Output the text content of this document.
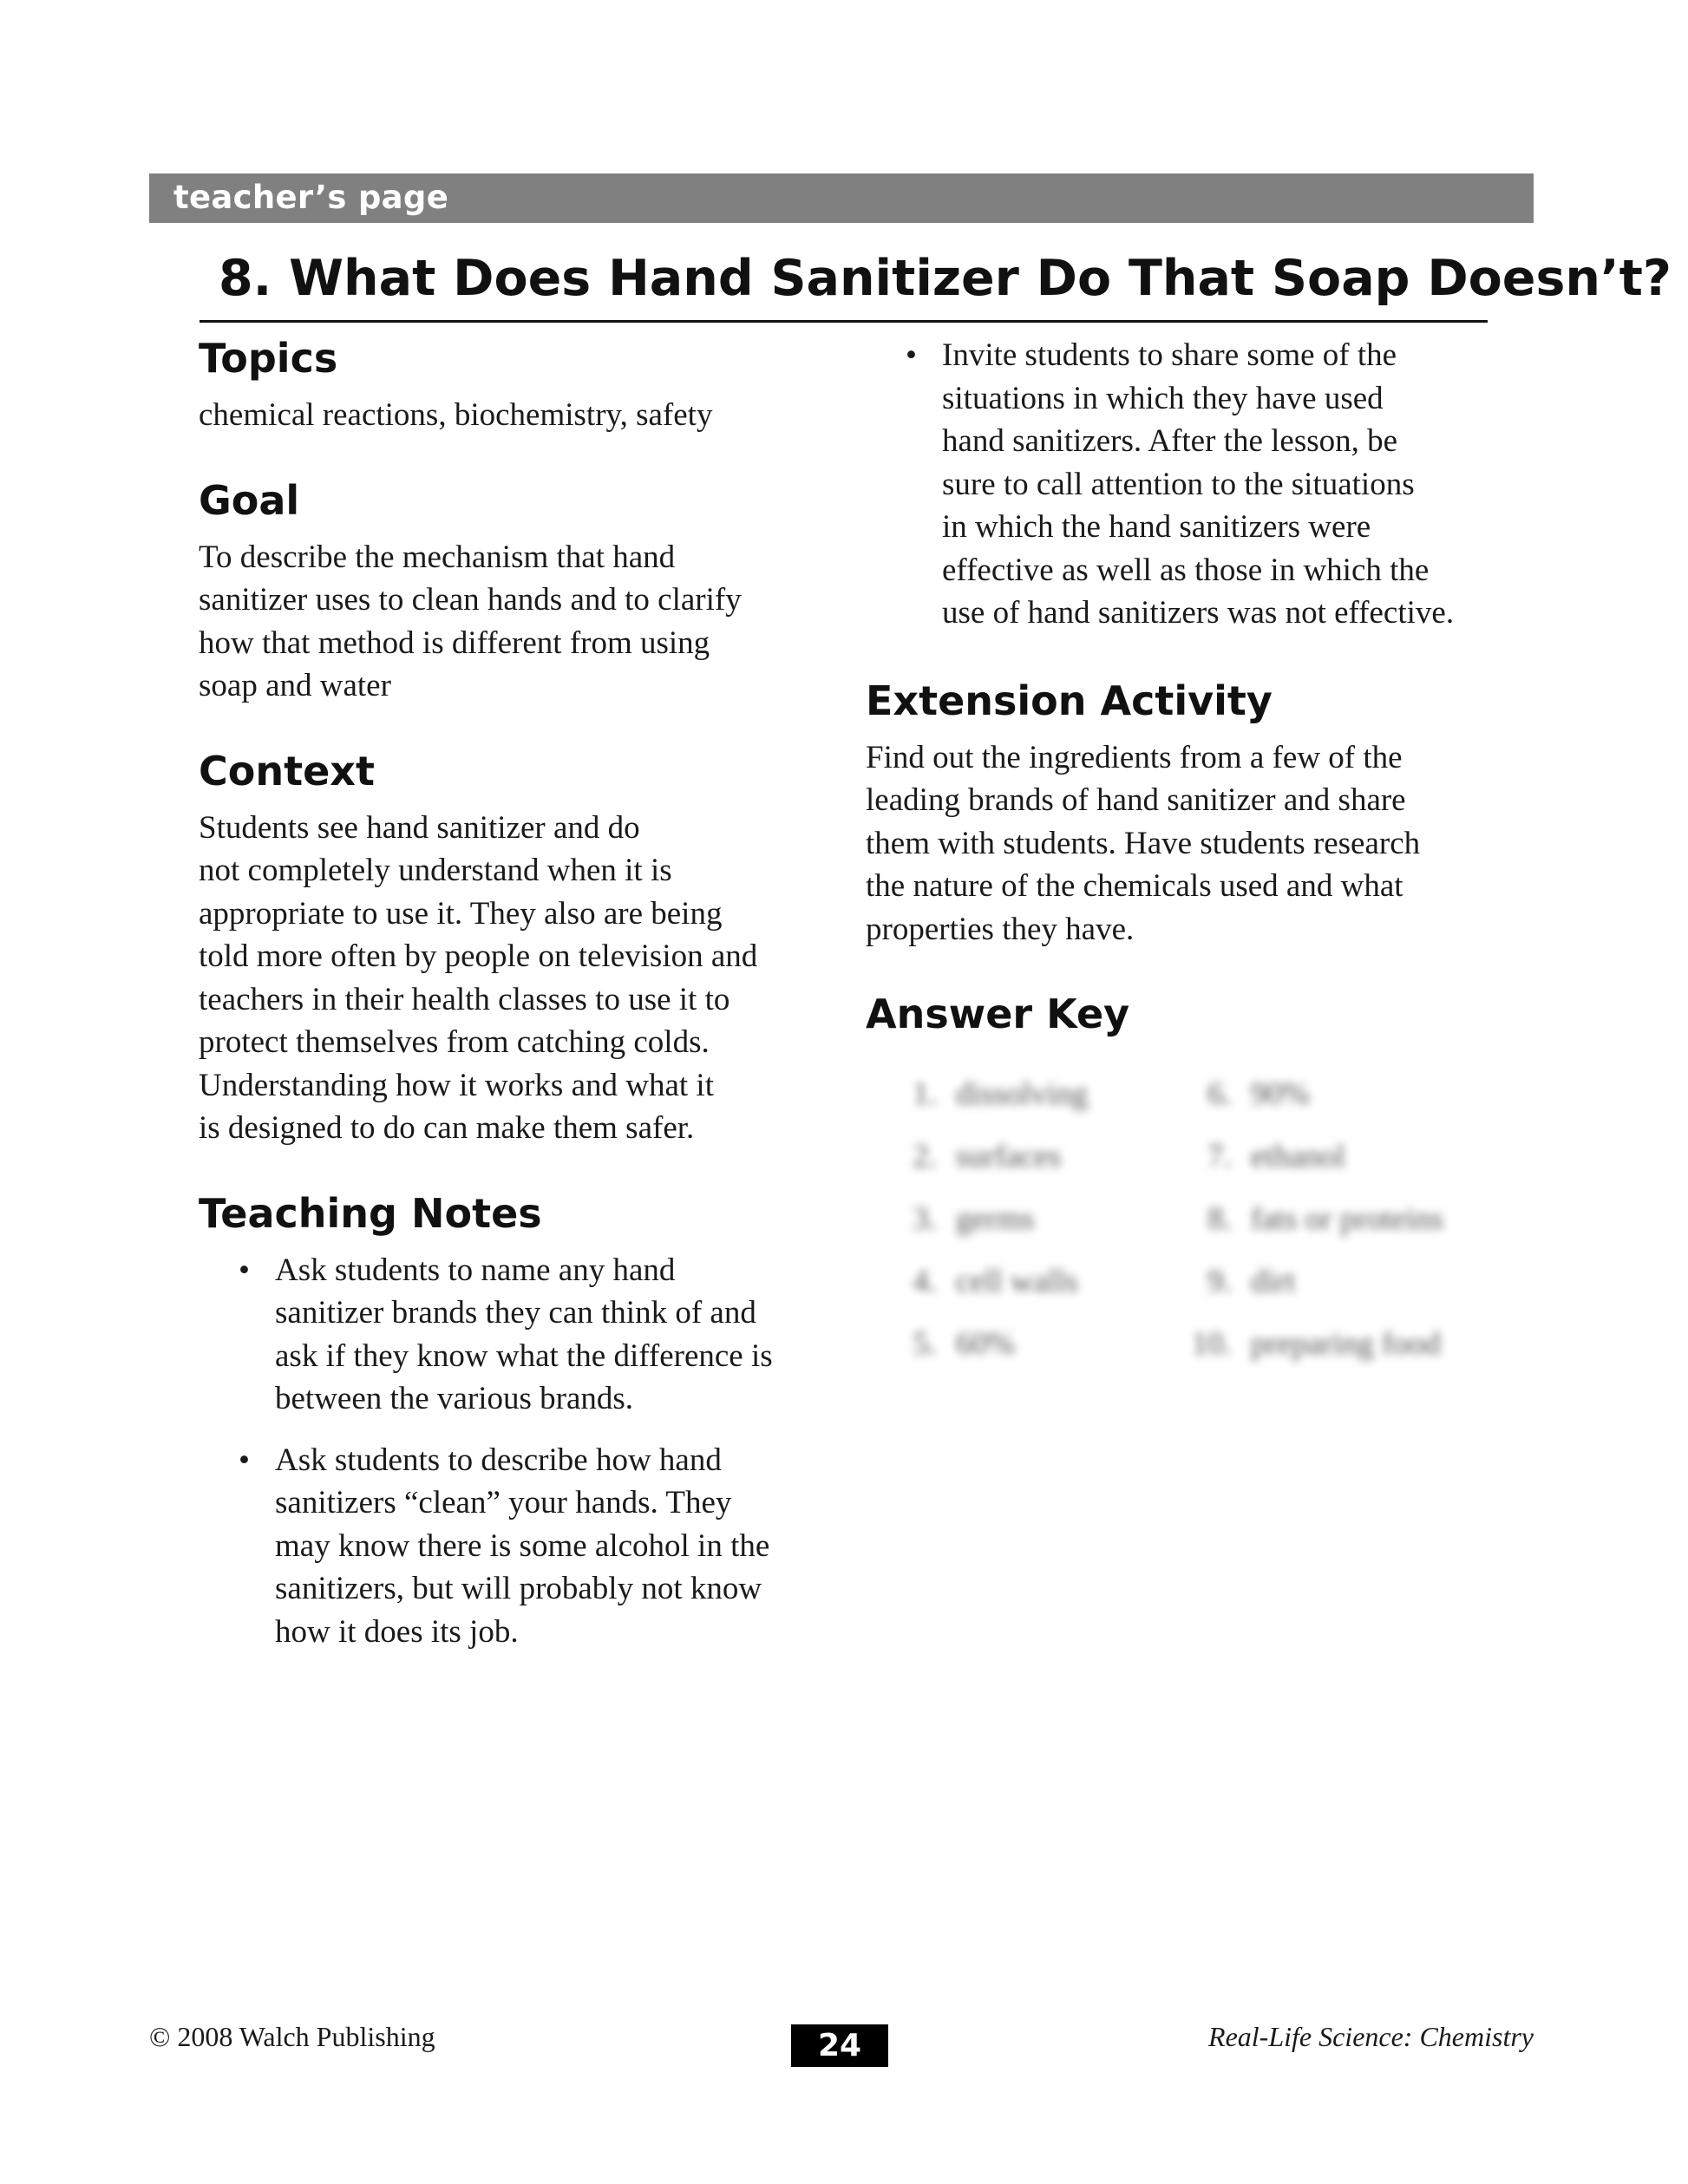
teacher’s page
8. What Does Hand Sanitizer Do That Soap Doesn’t?
Topics

chemical reactions, biochemistry, safety

Goal

To describe the mechanism that hand
sanitizer uses to clean hands and to clarify
how that method is different from using
soap and water

Context

Students see hand sanitizer and do
not completely understand when it is
appropriate to use it. They also are being
told more often by people on television and
teachers in their health classes to use it to
protect themselves from catching colds.
Understanding how it works and what it
is designed to do can make them safer.

Teaching Notes
• Ask students to name any hand
sanitizer brands they can think of and
ask if they know what the difference is
between the various brands.
• Ask students to describe how hand
sanitizers “clean” your hands. They
may know there is some alcohol in the
sanitizers, but will probably not know
how it does its job.
• Invite students to share some of the
situations in which they have used
hand sanitizers. After the lesson, be
sure to call attention to the situations
in which the hand sanitizers were
effective as well as those in which the
use of hand sanitizers was not effective.
Extension Activity

Find out the ingredients from a few of the
leading brands of hand sanitizer and share
them with students. Have students research
the nature of the chemicals used and what
properties they have.

Answer Key
1. dissolving
2. surfaces
3. germs
4. cell walls
5. 60%
6. 90%
7. ethanol
8. fats or proteins
9. dirt
10. preparing food
© 2008 Walch Publishing	24	Real-Life Science: Chemistry
